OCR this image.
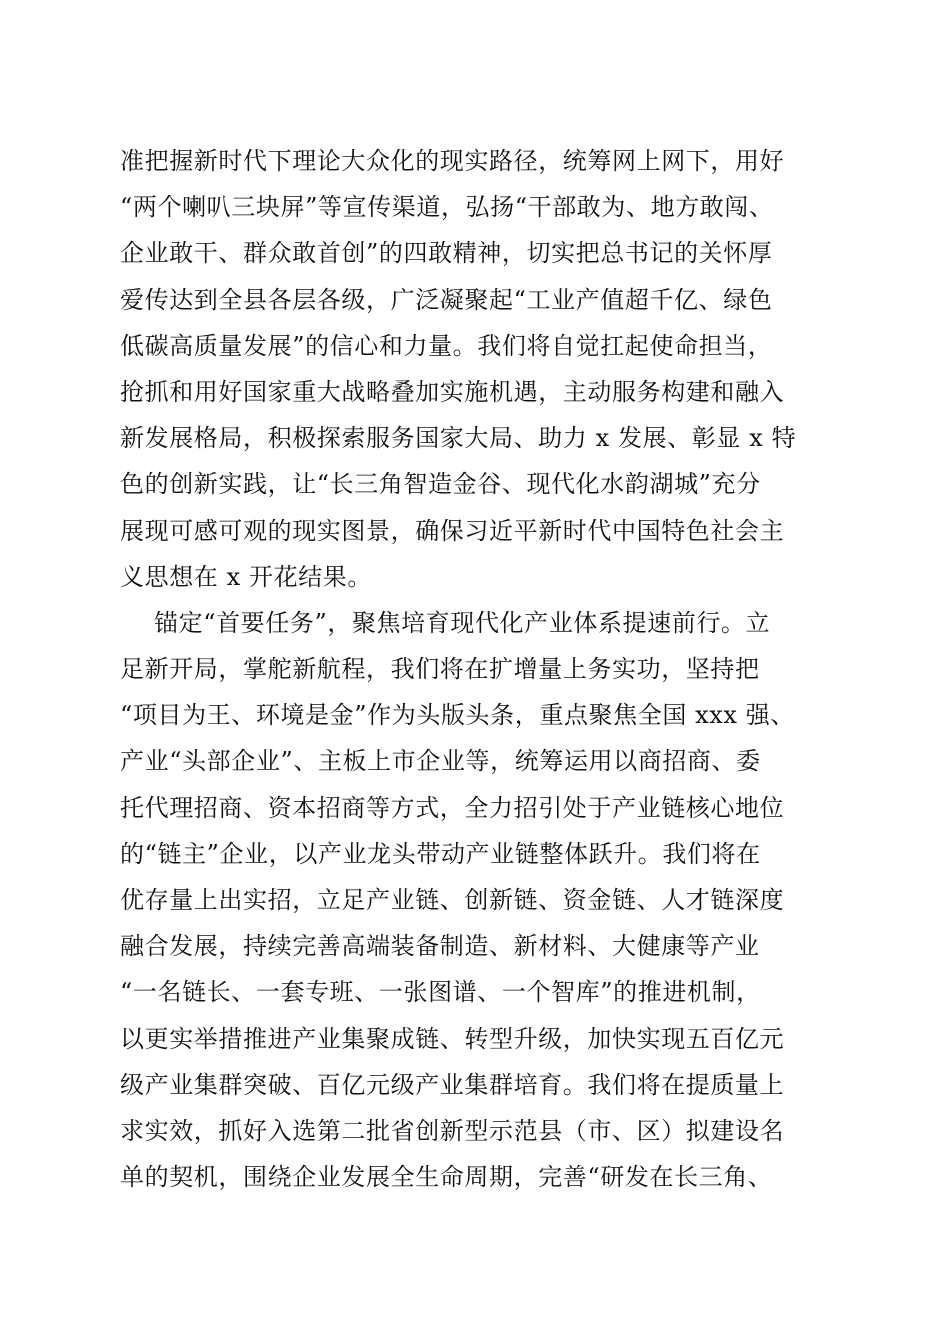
准把握新时代下理论大众化的现实路径，统筹网上网下，用好
“两个喇叭三块屏”等宣传渠道，弘扬“干部敢为、地方敢闯、
企业敢干、群众敢首创”的四敢精神，切实把总书记的关怀厚
爱传达到全县各层各级，广泛凝聚起“工业产值超千亿、绿色
低碳高质量发展”的信心和力量。我们将自觉扛起使命担当，
抢抓和用好国家重大战略叠加实施机遇，主动服务构建和融入
新发展格局，积极探索服务国家大局、助力 x 发展、彰显 x 特
色的创新实践，让“长三角智造金谷、现代化水韵湖城”充分
展现可感可观的现实图景，确保习近平新时代中国特色社会主
义思想在 x 开花结果。
锚定“首要任务”，聚焦培育现代化产业体系提速前行。立
足新开局，掌舵新航程，我们将在扩增量上务实功，坚持把
“项目为王、环境是金”作为头版头条，重点聚焦全国 xxx 强、
产业“头部企业”、主板上市企业等，统筹运用以商招商、委
托代理招商、资本招商等方式，全力招引处于产业链核心地位
的“链主”企业，以产业龙头带动产业链整体跃升。我们将在
优存量上出实招，立足产业链、创新链、资金链、人才链深度
融合发展，持续完善高端装备制造、新材料、大健康等产业
“一名链长、一套专班、一张图谱、一个智库”的推进机制，
以更实举措推进产业集聚成链、转型升级，加快实现五百亿元
级产业集群突破、百亿元级产业集群培育。我们将在提质量上
求实效，抓好入选第二批省创新型示范县（市、区）拟建设名
单的契机，围绕企业发展全生命周期，完善“研发在长三角、
